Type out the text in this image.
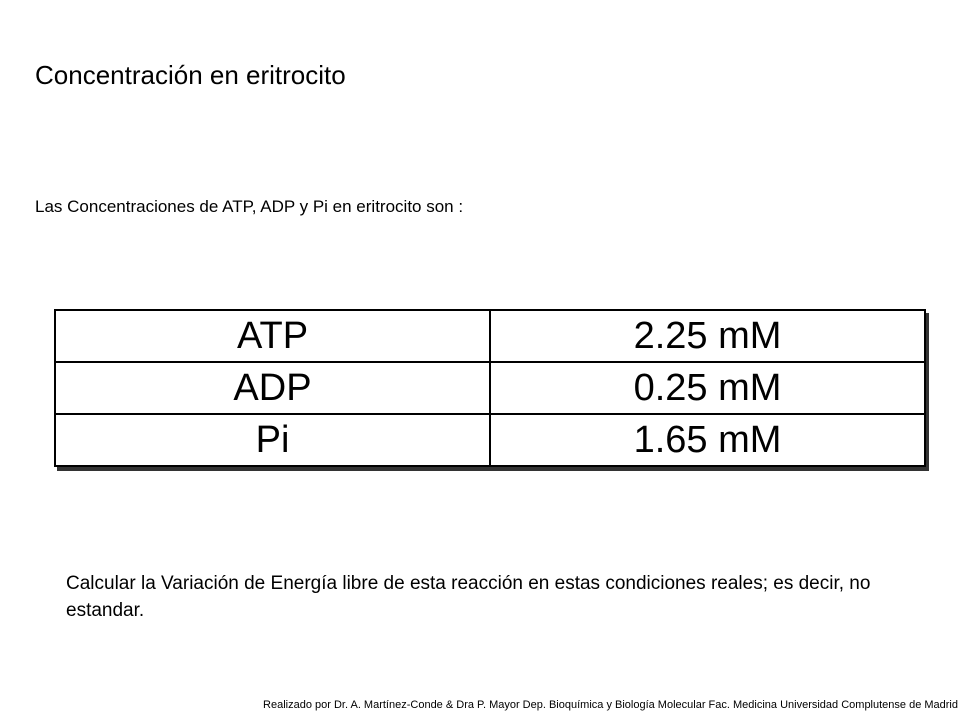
Concentración en eritrocito
Las Concentraciones de ATP, ADP y Pi en eritrocito son :
ATP	2.25 mM
ADP	0.25 mM
Pi	1.65 mM
Calcular la Variación de Energía libre de esta reacción en estas condiciones reales; es decir, no estandar.
Realizado por Dr. A. Martínez-Conde & Dra P. Mayor Dep. Bioquímica y Biología Molecular Fac. Medicina Universidad Complutense de Madrid
